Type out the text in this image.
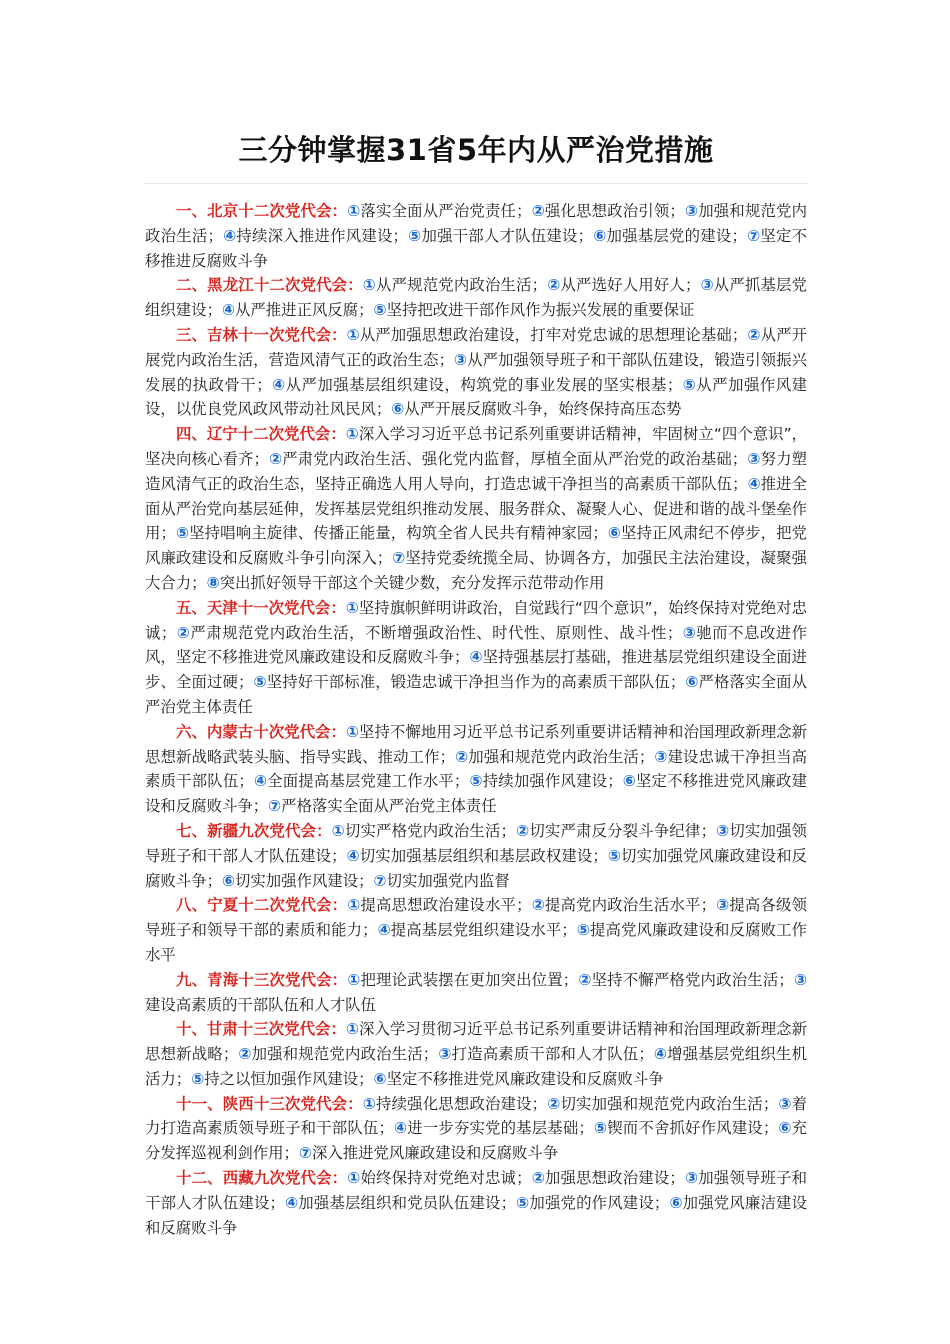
三分钟掌握31省5年内从严治党措施

一、北京十二次党代会：①落实全面从严治党责任；②强化思想政治引领；③加强和规范党内政治生活；④持续深入推进作风建设；⑤加强干部人才队伍建设；⑥加强基层党的建设；⑦坚定不移推进反腐败斗争

二、黑龙江十二次党代会：①从严规范党内政治生活；②从严选好人用好人；③从严抓基层党组织建设；④从严推进正风反腐；⑤坚持把改进干部作风作为振兴发展的重要保证

三、吉林十一次党代会：①从严加强思想政治建设，打牢对党忠诚的思想理论基础；②从严开展党内政治生活，营造风清气正的政治生态；③从严加强领导班子和干部队伍建设，锻造引领振兴发展的执政骨干；④从严加强基层组织建设，构筑党的事业发展的坚实根基；⑤从严加强作风建设，以优良党风政风带动社风民风；⑥从严开展反腐败斗争，始终保持高压态势

四、辽宁十二次党代会：①深入学习习近平总书记系列重要讲话精神，牢固树立“四个意识”，坚决向核心看齐；②严肃党内政治生活、强化党内监督，厚植全面从严治党的政治基础；③努力塑造风清气正的政治生态，坚持正确选人用人导向，打造忠诚干净担当的高素质干部队伍；④推进全面从严治党向基层延伸，发挥基层党组织推动发展、服务群众、凝聚人心、促进和谐的战斗堡垒作用；⑤坚持唱响主旋律、传播正能量，构筑全省人民共有精神家园；⑥坚持正风肃纪不停步，把党风廉政建设和反腐败斗争引向深入；⑦坚持党委统揽全局、协调各方，加强民主法治建设，凝聚强大合力；⑧突出抓好领导干部这个关键少数，充分发挥示范带动作用

五、天津十一次党代会：①坚持旗帜鲜明讲政治，自觉践行“四个意识”，始终保持对党绝对忠诚；②严肃规范党内政治生活，不断增强政治性、时代性、原则性、战斗性；③驰而不息改进作风，坚定不移推进党风廉政建设和反腐败斗争；④坚持强基层打基础，推进基层党组织建设全面进步、全面过硬；⑤坚持好干部标准，锻造忠诚干净担当作为的高素质干部队伍；⑥严格落实全面从严治党主体责任

六、内蒙古十次党代会：①坚持不懈地用习近平总书记系列重要讲话精神和治国理政新理念新思想新战略武装头脑、指导实践、推动工作；②加强和规范党内政治生活；③建设忠诚干净担当高素质干部队伍；④全面提高基层党建工作水平；⑤持续加强作风建设；⑥坚定不移推进党风廉政建设和反腐败斗争；⑦严格落实全面从严治党主体责任

七、新疆九次党代会：①切实严格党内政治生活；②切实严肃反分裂斗争纪律；③切实加强领导班子和干部人才队伍建设；④切实加强基层组织和基层政权建设；⑤切实加强党风廉政建设和反腐败斗争；⑥切实加强作风建设；⑦切实加强党内监督

八、宁夏十二次党代会：①提高思想政治建设水平；②提高党内政治生活水平；③提高各级领导班子和领导干部的素质和能力；④提高基层党组织建设水平；⑤提高党风廉政建设和反腐败工作水平

九、青海十三次党代会：①把理论武装摆在更加突出位置；②坚持不懈严格党内政治生活；③建设高素质的干部队伍和人才队伍

十、甘肃十三次党代会：①深入学习贯彻习近平总书记系列重要讲话精神和治国理政新理念新思想新战略；②加强和规范党内政治生活；③打造高素质干部和人才队伍；④增强基层党组织生机活力；⑤持之以恒加强作风建设；⑥坚定不移推进党风廉政建设和反腐败斗争

十一、陕西十三次党代会：①持续强化思想政治建设；②切实加强和规范党内政治生活；③着力打造高素质领导班子和干部队伍；④进一步夯实党的基层基础；⑤锲而不舍抓好作风建设；⑥充分发挥巡视利剑作用；⑦深入推进党风廉政建设和反腐败斗争

十二、西藏九次党代会：①始终保持对党绝对忠诚；②加强思想政治建设；③加强领导班子和干部人才队伍建设；④加强基层组织和党员队伍建设；⑤加强党的作风建设；⑥加强党风廉洁建设和反腐败斗争
